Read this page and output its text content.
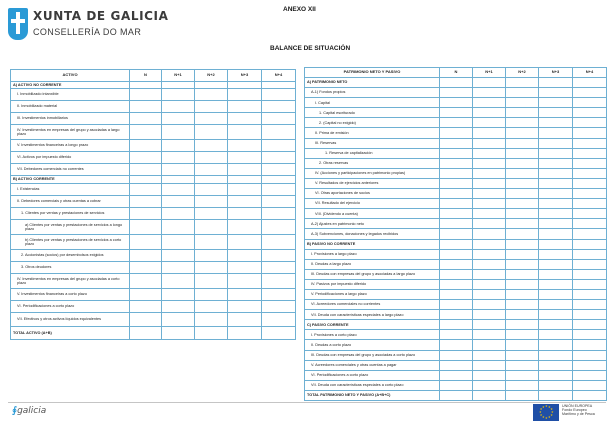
XUNTA DE GALICIA
CONSELLERÍA DO MAR
ANEXO XII
BALANCE DE SITUACIÓN
ACTIVO	N	N+1	N+2	N+3	N+4
A) ACTIVO NO CORRENTE					
I. Inmobilizado intanxible					
II. Inmobilizado material					
III. Investimentos inmobiliarios					
IV. Investimentos en empresas del grupo y asociadas a largo plazo					
V. Investimentos financeiras a longo prazo					
VI. Activos por impuesto diferido					
VII. Debedores comerciais no correntes					
B) ACTIVO CORRENTE					
I. Existencias					
II. Debedores comerciais y otras cuentas a cobrar					
1. Clientes por ventas y prestaciones de servicios					
a) Clientes por ventas y prestaciones de servicios a longo plazo					
b) Clientes por ventas y prestaciones de servicios a corto plazo					
2. Accionistas (socios) por desembolsos exigidos					
3. Otros deudores					
IV. Investimentos en empresas del grupo y asociadas a corto plazo					
V. Investimentos financeiras a corto plazo					
VI. Periodificaciones a corto plazo					
VII. Efectivos y otros activos líquidos equivalentes					
TOTAL ACTIVO (A+B)					
PATRIMONIO NETO Y PASIVO	N	N+1	N+2	N+3	N+4
A) PATRIMONIO NETO					
A-1) Fondos propios					
I. Capital					
1. Capital escriturado					
2. (Capital no exigido)					
II. Prima de emisión					
III. Reservas					
1. Reserva de capitalización					
2. Otras reservas					
IV. (Acciones y participaciones en patrimonio propias)					
V. Resultados de ejercicios anteriores					
VI. Otras aportaciones de socios					
VII. Resultado del ejercicio					
VIII. (Dividendo a cuenta)					
A-2) Ajustes en patrimonio neto					
A-3) Subvenciones, donaciones y legados recibidos					
B) PASIVO NO CORRENTE					
I. Provisiones a largo plazo					
II. Deudas a largo plazo					
III. Deudas con empresas del grupo y asociadas a largo plazo					
IV. Pasivos por impuesto diferido					
V. Periodificaciones a largo plazo					
VI. Acreedores comerciales no corrientes					
VII. Deuda con características especiales a largo plazo					
C) PASIVO CORRENTE					
I. Provisiones a corto plazo					
II. Deudas a corto plazo					
III. Deudas con empresas del grupo y asociadas a corto plazo					
V. Acreedores comerciales y otras cuentas a pagar					
VI. Periodificaciones a corto plazo					
VII. Deuda con características especiales a corto plazo					
TOTAL PATRIMONIO NETO Y PASIVO (A+B+C)					
∮galicia	★
★
★
★
★
★
★
★
★ ★ ★
★
UNIÓN EUROPEA
Fondo Europeo
Marítimo y de Pesca
